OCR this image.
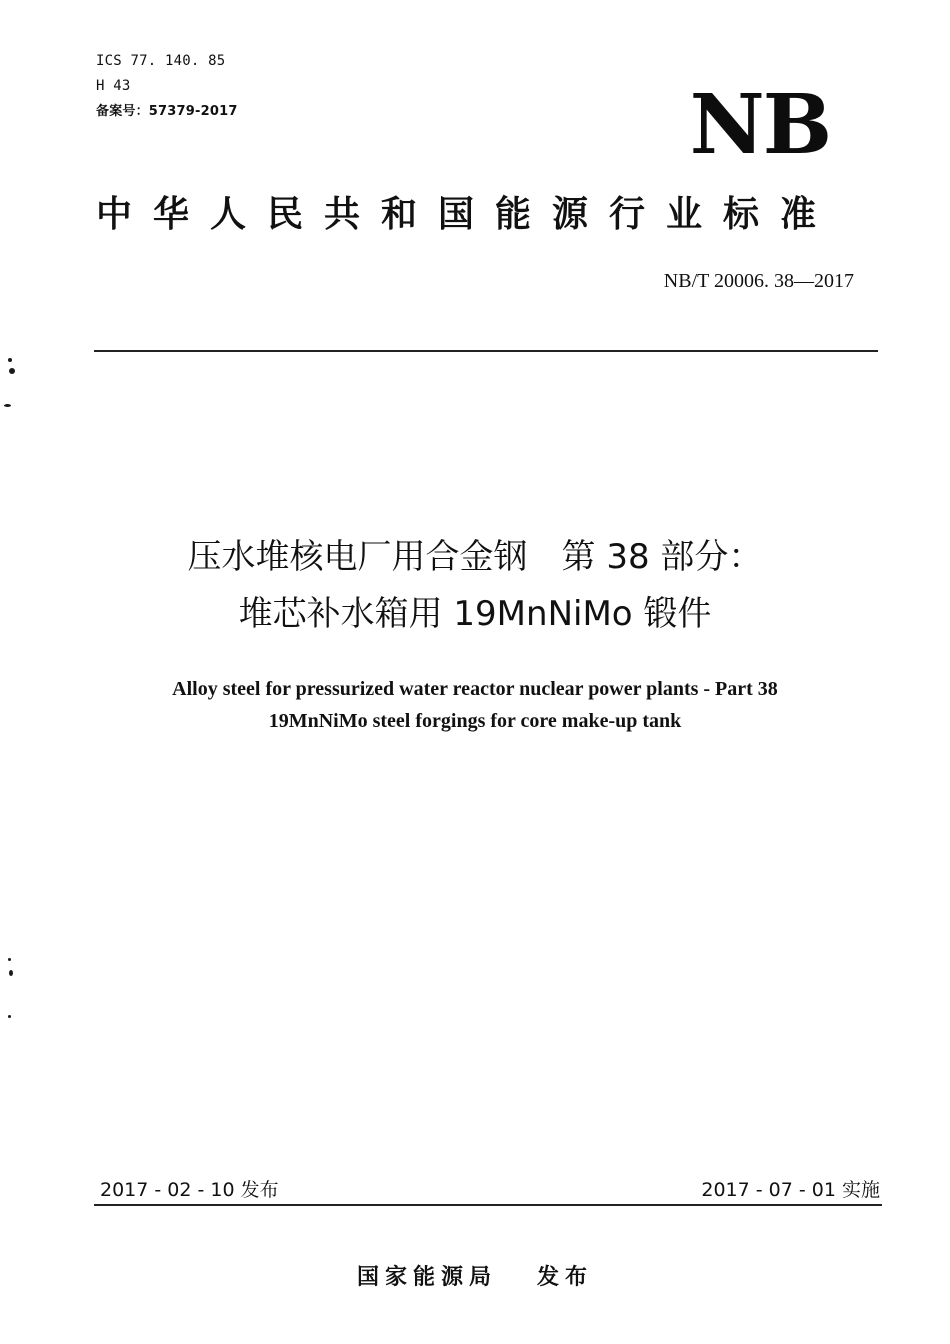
ICS 77. 140. 85
H 43
备案号：57379-2017	NB
中华人民共和国能源行业标准
NB/T 20006. 38—2017
压水堆核电厂用合金钢　第 38 部分：
堆芯补水箱用 19MnNiMo 锻件
Alloy steel for pressurized water reactor nuclear power plants - Part 38
19MnNiMo steel forgings for core make-up tank
2017 - 02 - 10 发布	2017 - 07 - 01 实施
国家能源局 发布
